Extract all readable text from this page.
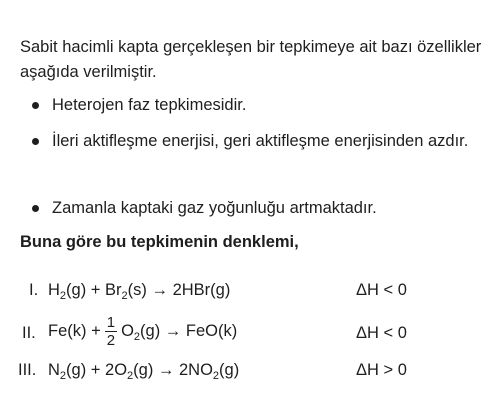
Sabit hacimli kapta gerçekleşen bir tepkimeye ait bazı özellikler aşağıda verilmiştir.
Heterojen faz tepkimesidir.
İleri aktifleşme enerjisi, geri aktifleşme enerjisinden azdır.
Zamanla kaptaki gaz yoğunluğu artmaktadır.
Buna göre bu tepkimenin denklemi,
I. $H_2(g) + Br_2(s) \to 2HBr(g)$	ΔH < 0
II. $Fe(k) + \frac{1}{2} O_2(g) \to FeO(k)$	ΔH < 0
III. $N_2(g) + 2O_2(g) \to 2NO_2(g)$	ΔH > 0
